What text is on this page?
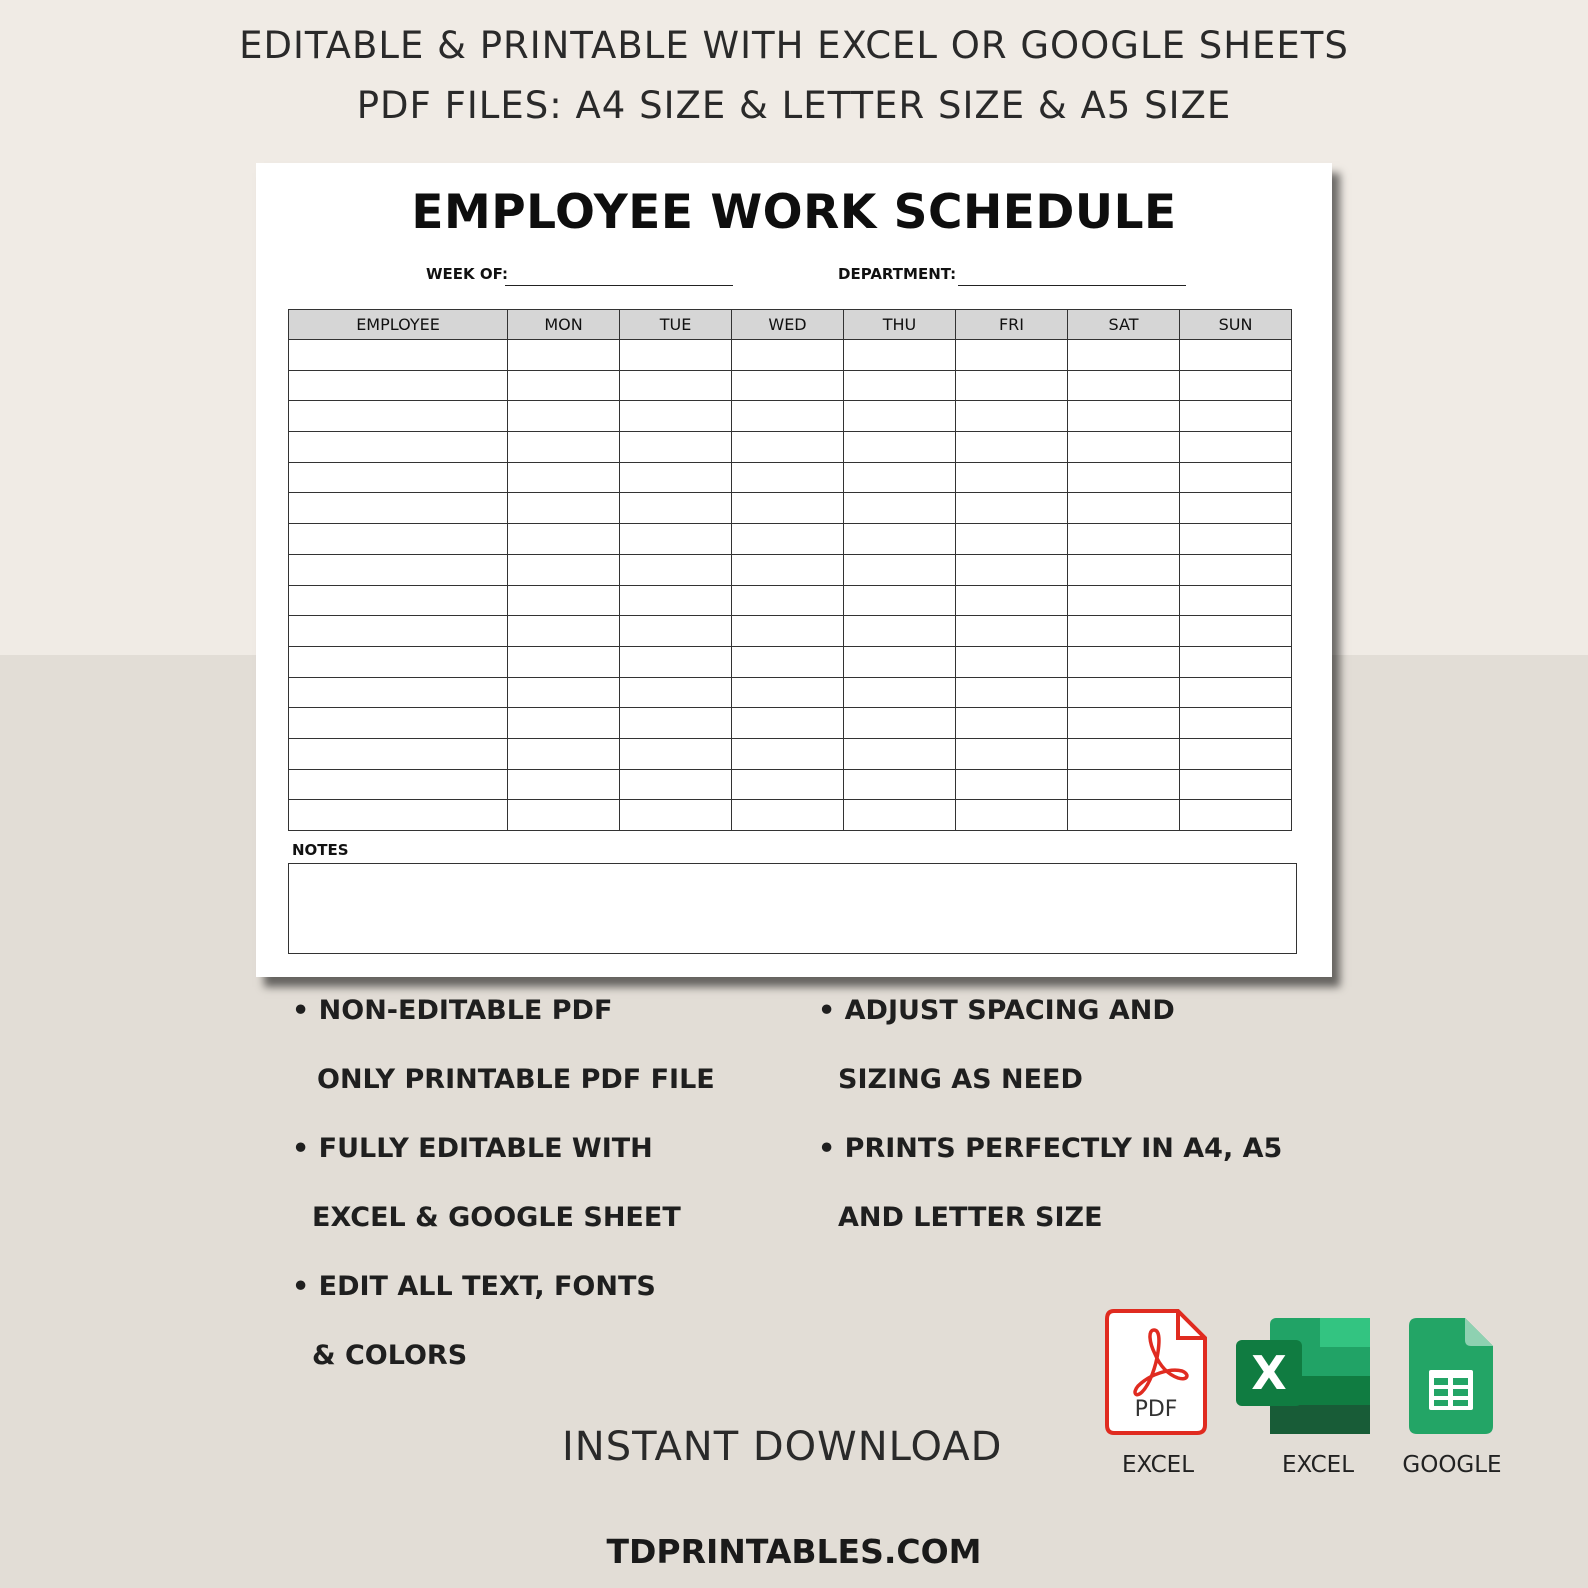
EDITABLE & PRINTABLE WITH EXCEL OR GOOGLE SHEETS
PDF FILES: A4 SIZE & LETTER SIZE & A5 SIZE
EMPLOYEE WORK SCHEDULE
WEEK OF:	DEPARTMENT:
EMPLOYEE	MON	TUE	WED	THU	FRI	SAT	SUN

NOTES
• NON-EDITABLE PDF
ONLY PRINTABLE PDF FILE
• FULLY EDITABLE WITH
EXCEL & GOOGLE SHEET
• EDIT ALL TEXT, FONTS
& COLORS
• ADJUST SPACING AND
SIZING AS NEED
• PRINTS PERFECTLY IN A4, A5
AND LETTER SIZE
INSTANT DOWNLOAD
PDF
EXCEL
X
EXCEL	GOOGLE
TDPRINTABLES.COM
